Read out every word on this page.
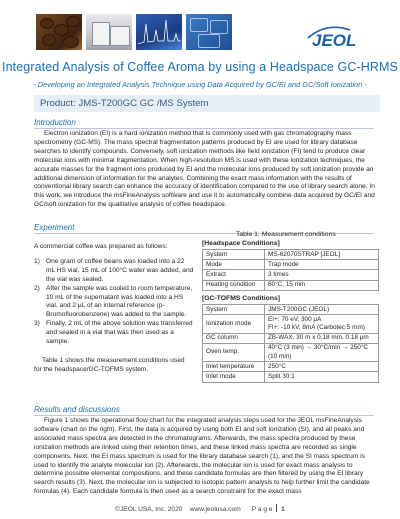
JEOL
Integrated Analysis of Coffee Aroma by using a Headspace GC-HRMS
- Developing an Integrated Analysis Technique using Data Acquired by GC/EI and GC/Soft Ionization -
Product: JMS-T200GC GC /MS System
Introduction

Electron ionization (EI) is a hard ionization method that is commonly used with gas chromatography mass spectrometry (GC-MS). The mass spectral fragmentation patterns produced by EI are used for library database searches to identify compounds. Conversely, soft ionization methods like field ionization (FI) tend to produce clear molecular ions with minimal fragmentation. When high-resolution MS is used with these ionization techniques, the accurate masses for the fragment ions produced by EI and the molecular ions produced by soft ionization provide an additional dimension of information for the analytes. Combining the exact mass information with the results of conventional library search can enhance the accuracy of identification compared to the use of library search alone. In this work, we introduce the msFineAnalysis software and use it to automatically combine data acquired by GC/EI and GC/soft ionization for the qualitative analysis of coffee headspace.

Experiment

A commercial coffee was prepared as follows:

1) One gram of coffee beans was loaded into a 22 mL HS vial, 15 mL of 100°C water was added, and the vial was sealed.
2) After the sample was cooled to room temperature, 10 mL of the supernatant was loaded into a HS vial, and 2 μL of an internal reference (p-Bromofluorobenzene) was added to the sample.
3) Finally, 2 mL of the above solution was transferred and sealed in a vial that was then used as a sample.

Table 1 shows the measurement conditions used for the headspace/GC-TOFMS system.

Table 1. Measurement conditions
[Headspace Conditions]
System	MS-62070STRAP [JEOL]
Mode	Trap mode
Extract	3 times
Heating condition	60°C, 15 min
[GC-TOFMS Conditions]
System	JMS-T200GC (JEOL)
Ionization mode	EI+: 70 eV, 300 μA
FI+: -10 kV, 8mA (Carbotec 5 mm)

GC column	ZB-WAX, 30 m x 0.18 mm, 0.18 μm
Oven temp.	40°C (3 min) → 30°C/min → 250°C
(10 min)

Inlet temperature	250°C
Inlet mode	Split 30:1
Results and discussions

Figure 1 shows the operational flow chart for the integrated analysis steps used for the JEOL msFineAnalysis software (chart on the right). First, the data is acquired by using both EI and soft ionization (SI), and all peaks and associated mass spectra are detected in the chromatograms. Afterwards, the mass spectra produced by these ionization methods are linked using their retention times, and these linked mass spectra are recorded as single components. Next, the EI mass spectrum is used for the library database search (1), and the SI mass spectrum is used to identify the analyte molecular ion (2). Afterwards, the molecular ion is used for exact mass analysis to determine possible elemental compositions, and these candidate formulas are then filtered by using the EI library search results (3). Next, the molecular ion is subjected to isotopic pattern analysis to help further limit the candidate formulas (4). Each candidate formula is then used as a search constraint for the exact mass

©JEOL USA, Inc. 2020 www.jeolusa.com P a g e 1
